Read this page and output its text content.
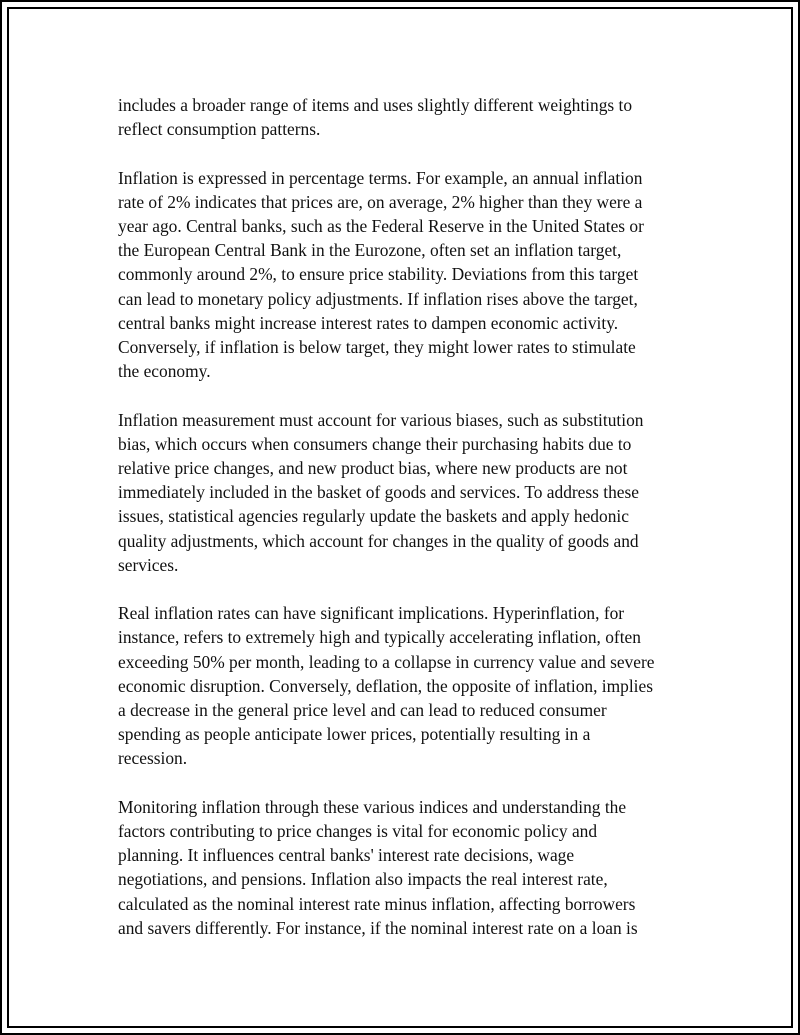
includes a broader range of items and uses slightly different weightings to
reflect consumption patterns.

Inflation is expressed in percentage terms. For example, an annual inflation
rate of 2% indicates that prices are, on average, 2% higher than they were a
year ago. Central banks, such as the Federal Reserve in the United States or
the European Central Bank in the Eurozone, often set an inflation target,
commonly around 2%, to ensure price stability. Deviations from this target
can lead to monetary policy adjustments. If inflation rises above the target,
central banks might increase interest rates to dampen economic activity.
Conversely, if inflation is below target, they might lower rates to stimulate
the economy.

Inflation measurement must account for various biases, such as substitution
bias, which occurs when consumers change their purchasing habits due to
relative price changes, and new product bias, where new products are not
immediately included in the basket of goods and services. To address these
issues, statistical agencies regularly update the baskets and apply hedonic
quality adjustments, which account for changes in the quality of goods and
services.

Real inflation rates can have significant implications. Hyperinflation, for
instance, refers to extremely high and typically accelerating inflation, often
exceeding 50% per month, leading to a collapse in currency value and severe
economic disruption. Conversely, deflation, the opposite of inflation, implies
a decrease in the general price level and can lead to reduced consumer
spending as people anticipate lower prices, potentially resulting in a
recession.

Monitoring inflation through these various indices and understanding the
factors contributing to price changes is vital for economic policy and
planning. It influences central banks' interest rate decisions, wage
negotiations, and pensions. Inflation also impacts the real interest rate,
calculated as the nominal interest rate minus inflation, affecting borrowers
and savers differently. For instance, if the nominal interest rate on a loan is
